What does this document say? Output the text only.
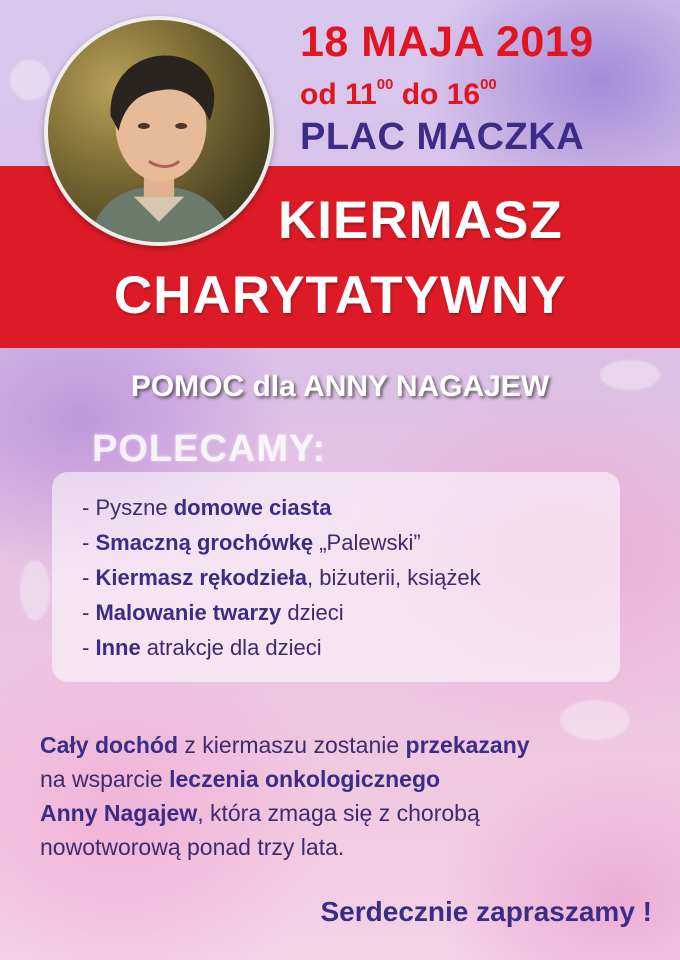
18 MAJA 2019
od $11^{00}$ do $16^{00}$
PLAC MACZKA
KIERMASZ
CHARYTATYWNY
POMOC dla ANNY NAGAJEW
POLECAMY:
- Pyszne domowe ciasta
- Smaczną grochówkę „Palewski”
- Kiermasz rękodzieła, biżuterii, książek
- Malowanie twarzy dzieci
- Inne atrakcje dla dzieci
Cały dochód z kiermaszu zostanie przekazany
na wsparcie leczenia onkologicznego
Anny Nagajew, która zmaga się z chorobą
nowotworową ponad trzy lata.
Serdecznie zapraszamy !
